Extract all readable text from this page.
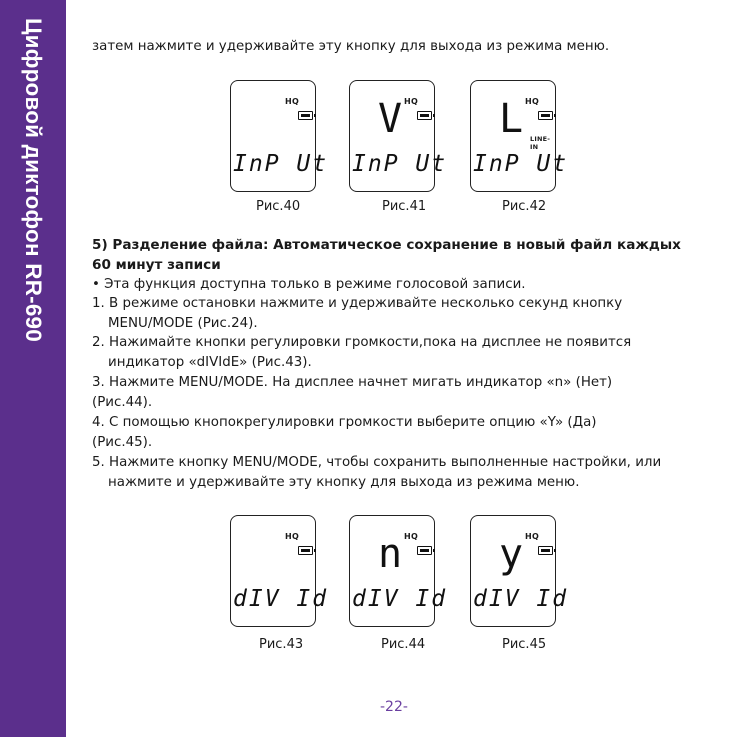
Цифровой диктофон RR-690	затем нажмите и удерживайте эту кнопку для выхода из режима меню.
HQ
InP Ut
HQ
V
InP Ut
HQ
L LINE-IN
InP Ut
Рис.40	Рис.41	Рис.42
5) Разделение файла: Автоматическое сохранение в новый файл каждых
60 минут записи
• Эта функция доступна только в режиме голосовой записи.
1. В режиме остановки нажмите и удерживайте несколько секунд кнопку
MENU/MODE (Рис.24).
2. Нажимайте кнопки регулировки громкости,пока на дисплее не появится
индикатор «dIVIdE» (Рис.43).
3. Нажмите MENU/MODE. На дисплее начнет мигать индикатор «n» (Нет)
(Рис.44).
4. С помощью кнопокрегулировки громкости выберите опцию «Y» (Да)
(Рис.45).
5. Нажмите кнопку MENU/MODE, чтобы сохранить выполненные настройки, или
нажмите и удерживайте эту кнопку для выхода из режима меню.
HQ
dIV Id
HQ
n
dIV Id
HQ
y
dIV Id
Рис.43	Рис.44	Рис.45
-22-
